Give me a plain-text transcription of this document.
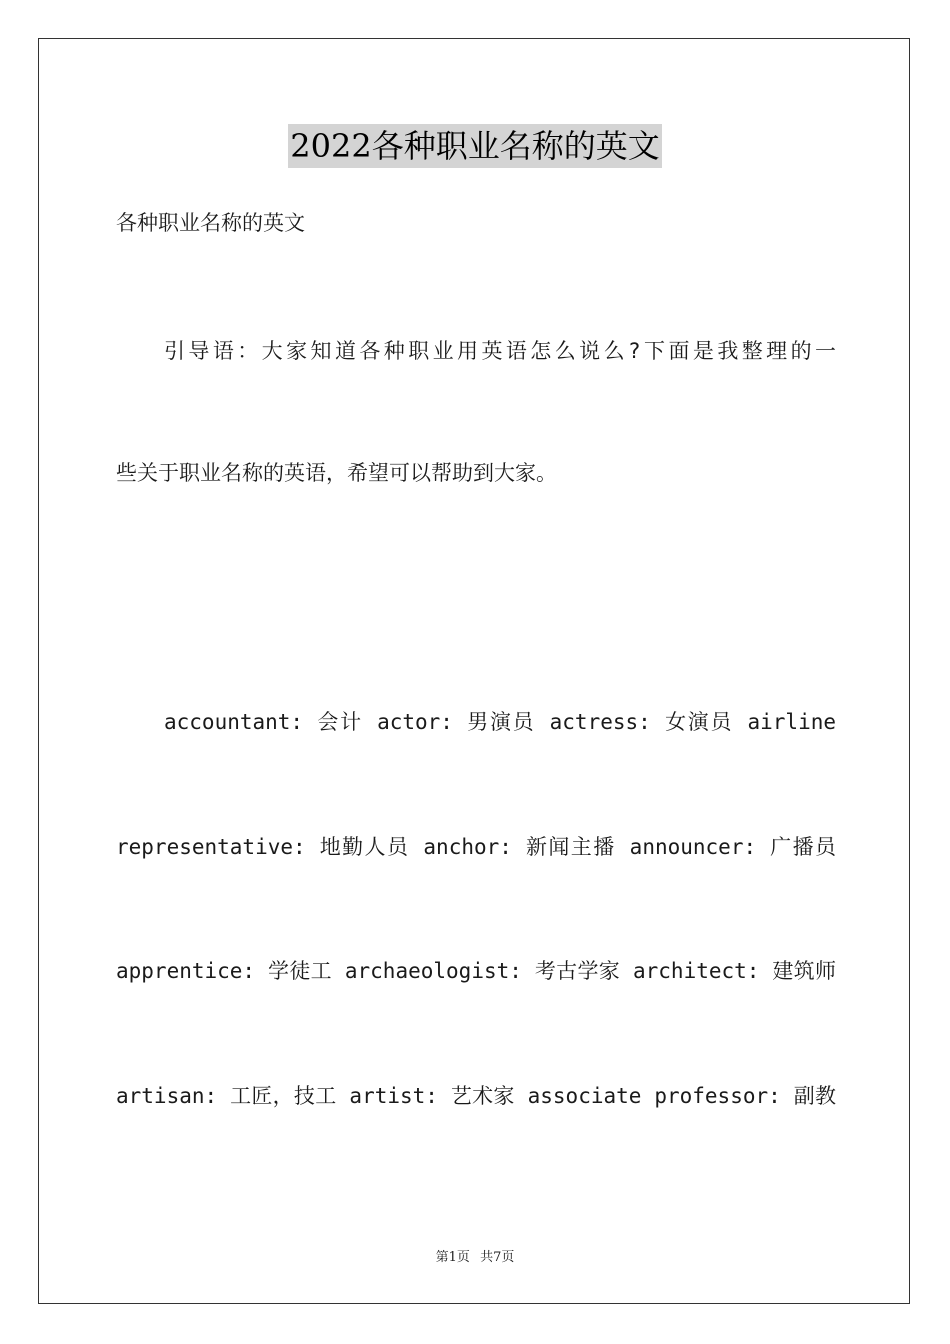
2022各种职业名称的英文
各种职业名称的英文
引导语：大家知道各种职业用英语怎么说么?下面是我整理的一
些关于职业名称的英语，希望可以帮助到大家。
accountant: 会计 actor: 男演员 actress: 女演员 airline
representative: 地勤人员 anchor: 新闻主播 announcer: 广播员
apprentice: 学徒工 archaeologist: 考古学家 architect: 建筑师
artisan: 工匠，技工 artist: 艺术家 associate professor: 副教
第1页 共7页
